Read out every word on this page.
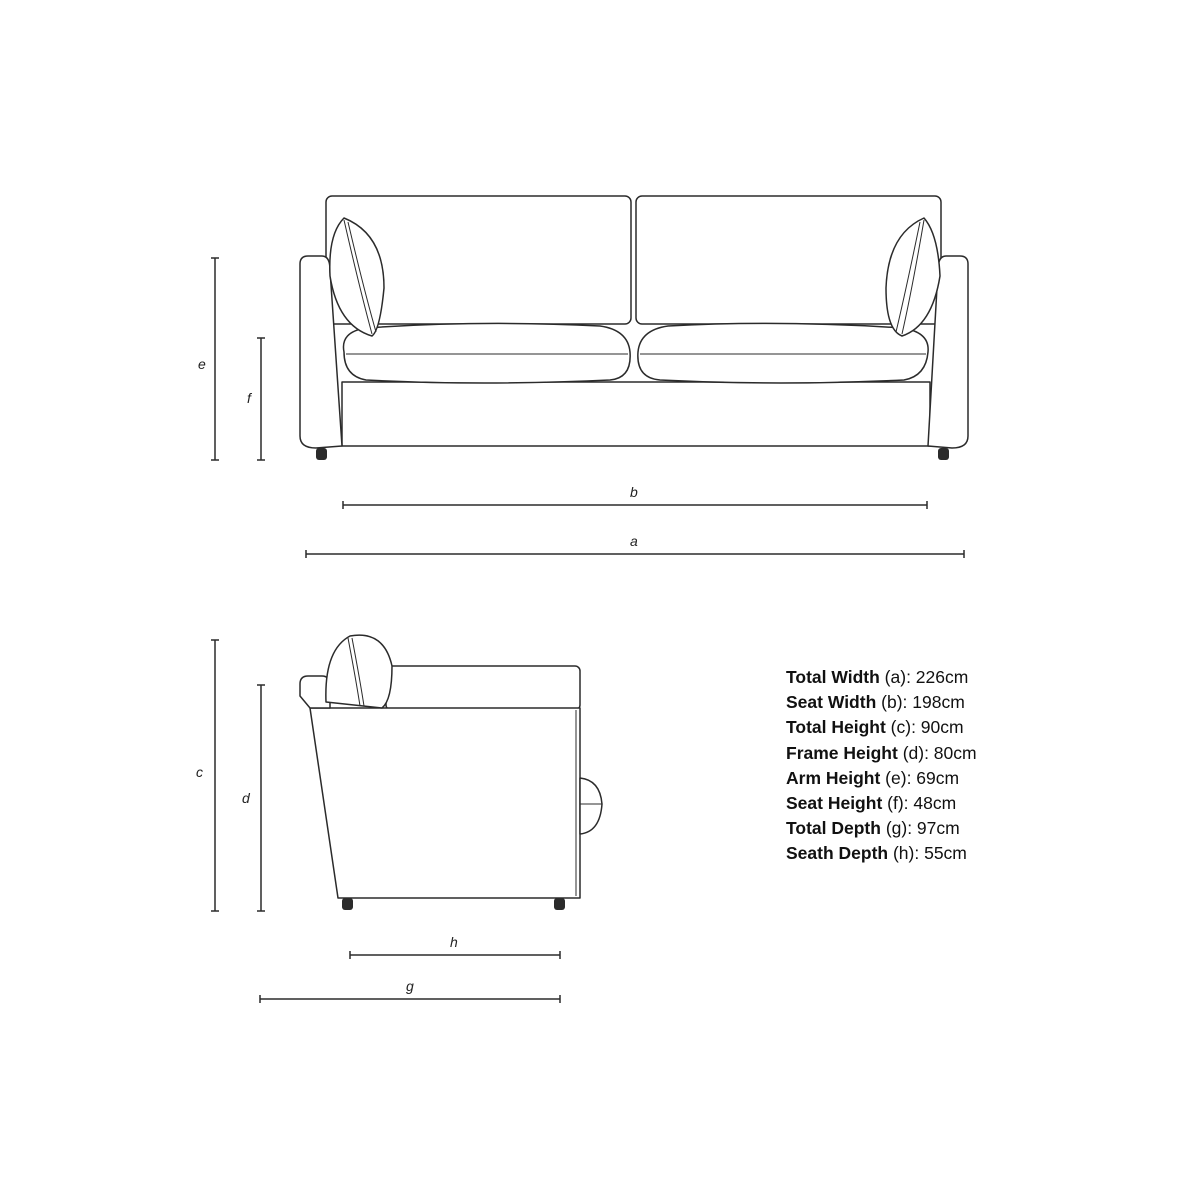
e
f
b
a
c
d
h
g
Total Width (a): 226cm
Seat Width (b): 198cm
Total Height (c): 90cm
Frame Height (d): 80cm
Arm Height (e): 69cm
Seat Height (f): 48cm
Total Depth (g): 97cm
Seath Depth (h): 55cm
